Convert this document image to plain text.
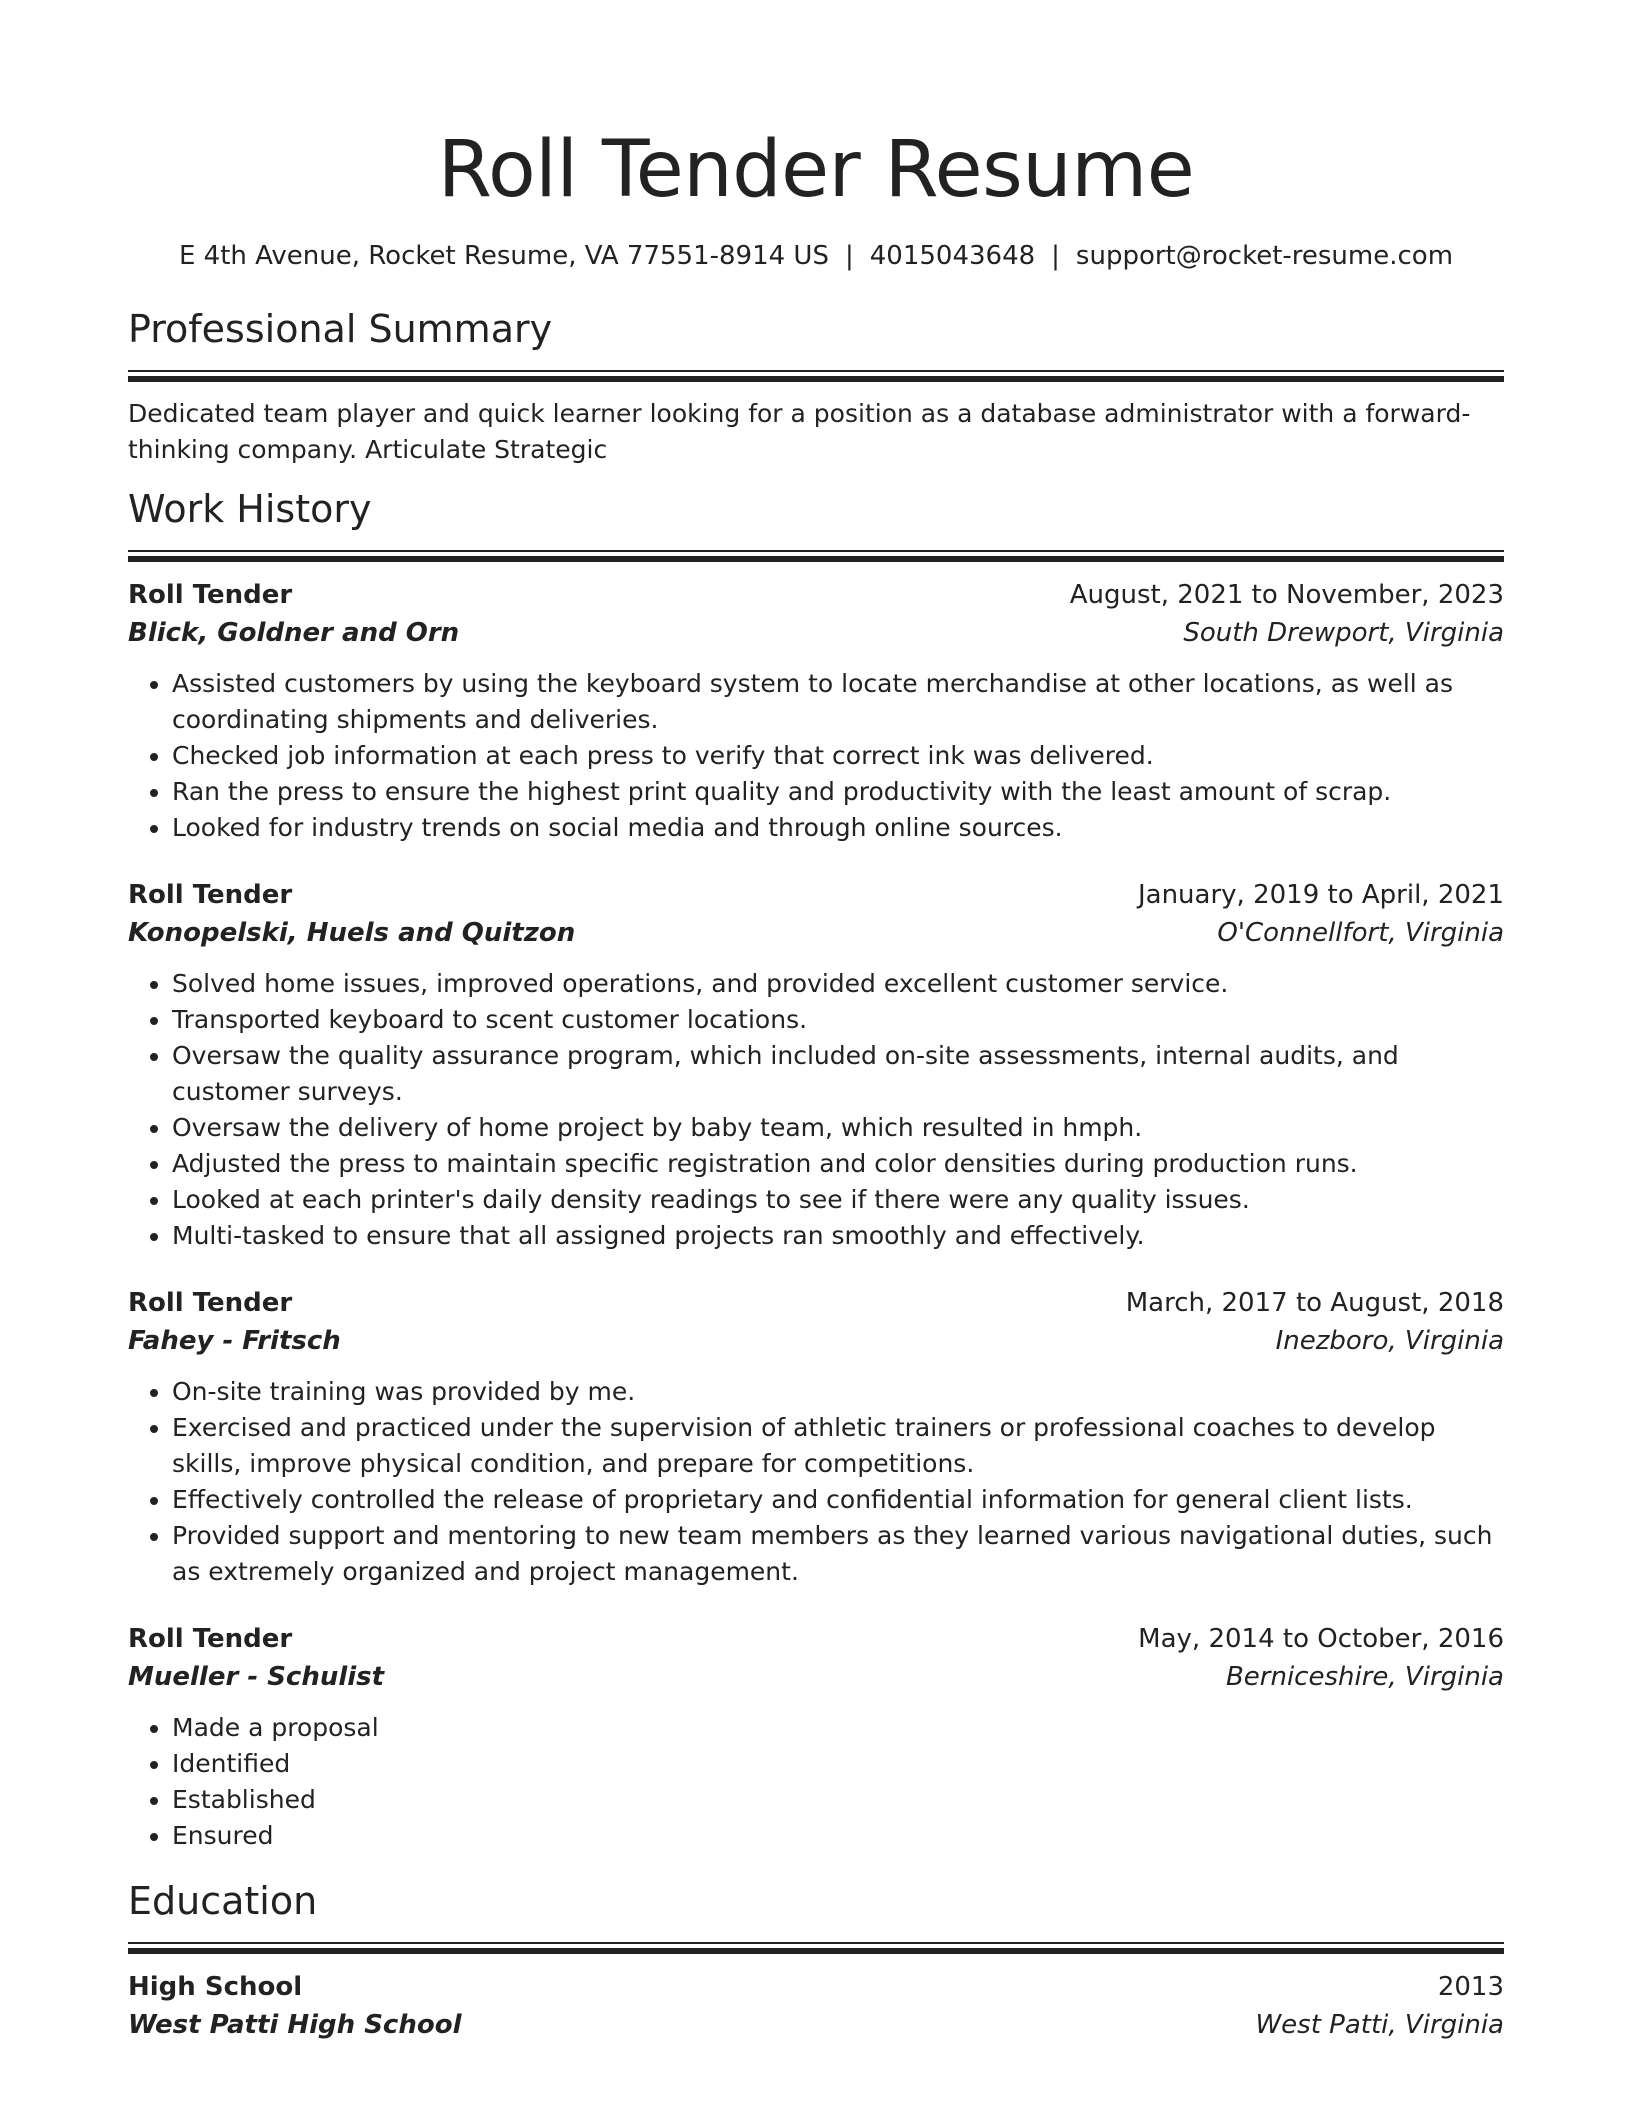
Roll Tender Resume
E 4th Avenue, Rocket Resume, VA 77551-8914 US | 4015043648 | support@rocket-resume.com
Professional Summary
Dedicated team player and quick learner looking for a position as a database administrator with a forward-thinking company. Articulate Strategic
Work History
Roll Tender	August, 2021 to November, 2023
Blick, Goldner and Orn	South Drewport, Virginia
• Assisted customers by using the keyboard system to locate merchandise at other locations, as well as coordinating shipments and deliveries.
• Checked job information at each press to verify that correct ink was delivered.
• Ran the press to ensure the highest print quality and productivity with the least amount of scrap.
• Looked for industry trends on social media and through online sources.
Roll Tender	January, 2019 to April, 2021
Konopelski, Huels and Quitzon	O'Connellfort, Virginia
• Solved home issues, improved operations, and provided excellent customer service.
• Transported keyboard to scent customer locations.
• Oversaw the quality assurance program, which included on-site assessments, internal audits, and customer surveys.
• Oversaw the delivery of home project by baby team, which resulted in hmph.
• Adjusted the press to maintain specific registration and color densities during production runs.
• Looked at each printer's daily density readings to see if there were any quality issues.
• Multi-tasked to ensure that all assigned projects ran smoothly and effectively.
Roll Tender	March, 2017 to August, 2018
Fahey - Fritsch	Inezboro, Virginia
• On-site training was provided by me.
• Exercised and practiced under the supervision of athletic trainers or professional coaches to develop skills, improve physical condition, and prepare for competitions.
• Effectively controlled the release of proprietary and confidential information for general client lists.
• Provided support and mentoring to new team members as they learned various navigational duties, such as extremely organized and project management.
Roll Tender	May, 2014 to October, 2016
Mueller - Schulist	Berniceshire, Virginia
• Made a proposal
• Identified
• Established
• Ensured
Education
High School	2013
West Patti High School	West Patti, Virginia
